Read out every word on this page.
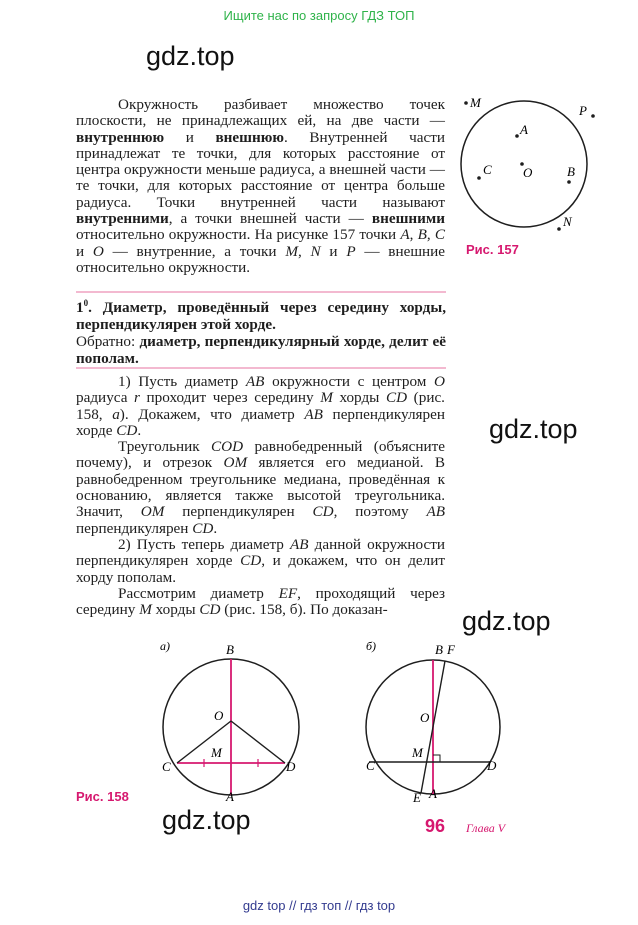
Ищите нас по запросу ГДЗ ТОП
gdz.top
gdz.top
gdz.top
gdz.top

Окружность разбивает множество точек плоскости, не принадлежащих ей, на две части — внутреннюю и внешнюю. Внутренней части принадлежат те точки, для которых расстояние от центра окружности меньше радиуса, а внешней части — те точки, для которых расстояние от центра больше радиуса. Точки внутренней части называют внутренними, а точки внешней части — внешними относительно окружности. На рисунке 157 точки A, B, C и O — внутренние, а точки M, N и P — внешние относительно окружности.

M
P
A
C O	B
N
Рис. 157
$1^0$. Диаметр, проведённый через середину хорды, перпендикулярен этой хорде.
Обратно: диаметр, перпендикулярный хорде, делит её пополам.

1) Пусть диаметр AB окружности с центром O радиуса r проходит через середину M хорды CD (рис. 158, а). Докажем, что диаметр AB перпендикулярен хорде CD.

Треугольник COD равнобедренный (объясните почему), и отрезок OM является его медианой. В равнобедренном треугольнике медиана, проведённая к основанию, является также высотой треугольника. Значит, OM перпендикулярен CD, поэтому AB перпендикулярен CD.

2) Пусть теперь диаметр AB данной окружности перпендикулярен хорде CD, и докажем, что он делит хорду пополам.

Рассмотрим диаметр EF, проходящий через середину M хорды CD (рис. 158, б). По доказан-

а)	B
O
M
C	D
A
б)	B F
O
M
C	D
E A
Рис. 158
96 Глава V
gdz top // гдз топ // гдз top
